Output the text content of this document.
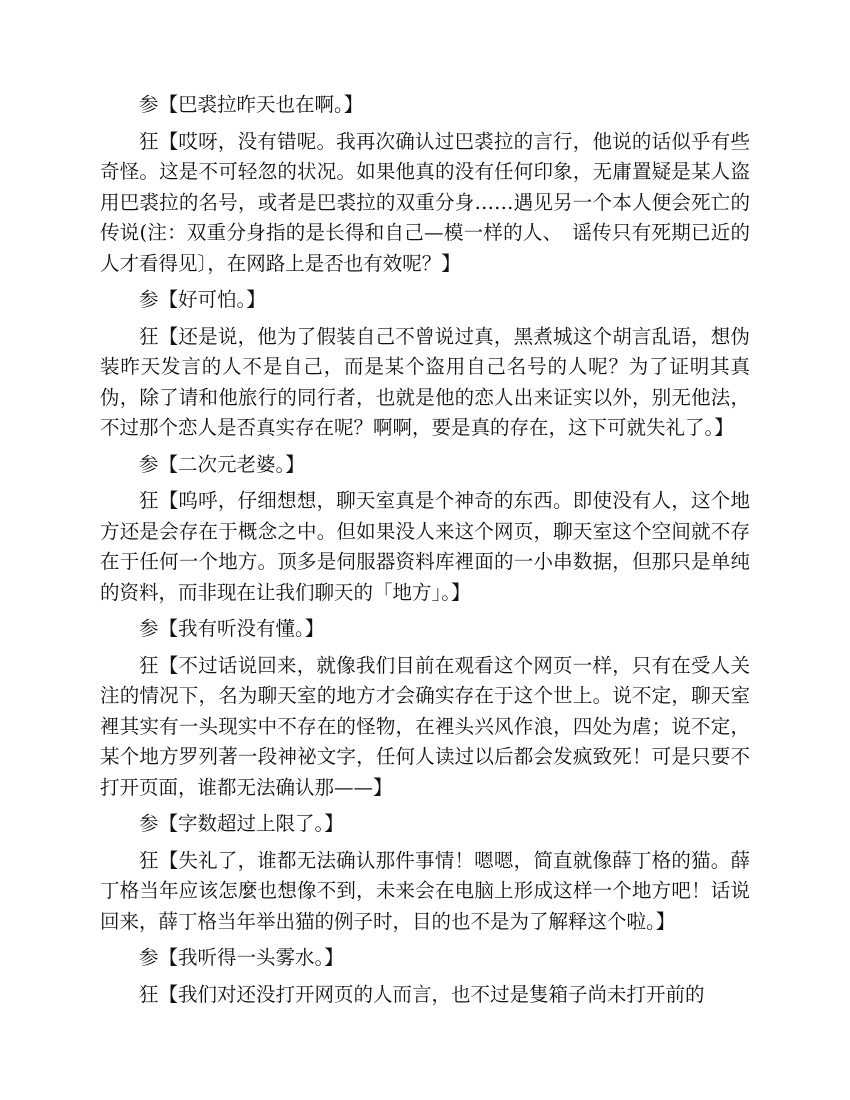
参【巴裘拉昨天也在啊。】

狂【哎呀，没有错呢。我再次确认过巴裘拉的言行，他说的话似乎有些奇怪。这是不可轻忽的状况。如果他真的没有任何印象，无庸置疑是某人盗用巴裘拉的名号，或者是巴裘拉的双重分身……遇见另一个本人便会死亡的传说(注：双重分身指的是长得和自己—模一样的人、　谣传只有死期已近的人才看得见〕，在网路上是否也有效呢？】

参【好可怕。】

狂【还是说，他为了假装自己不曾说过真，黑煮城这个胡言乱语，想伪装昨天发言的人不是自己，而是某个盗用自己名号的人呢？为了证明其真伪，除了请和他旅行的同行者，也就是他的恋人出来证实以外，别无他法，不过那个恋人是否真实存在呢？啊啊，要是真的存在，这下可就失礼了。】

参【二次元老婆。】

狂【呜呼，仔细想想，聊天室真是个神奇的东西。即使没有人，这个地方还是会存在于概念之中。但如果没人来这个网页，聊天室这个空间就不存在于任何一个地方。顶多是伺服器资料库裡面的一小串数据，但那只是单纯的资料，而非现在让我们聊天的「地方」。】

参【我有听没有懂。】

狂【不过话说回来，就像我们目前在观看这个网页一样，只有在受人关注的情况下，名为聊天室的地方才会确实存在于这个世上。说不定，聊天室裡其实有一头现实中不存在的怪物，在裡头兴风作浪，四处为虐；说不定，某个地方罗列著一段神祕文字，任何人读过以后都会发疯致死！可是只要不打开页面，谁都无法确认那——】

参【字数超过上限了。】

狂【失礼了，谁都无法确认那件事情！嗯嗯，简直就像薛丁格的猫。薛丁格当年应该怎麼也想像不到，未来会在电脑上形成这样一个地方吧！话说回来，薛丁格当年举出猫的例子时，目的也不是为了解释这个啦。】

参【我听得一头雾水。】

狂【我们对还没打开网页的人而言，也不过是隻箱子尚未打开前的
